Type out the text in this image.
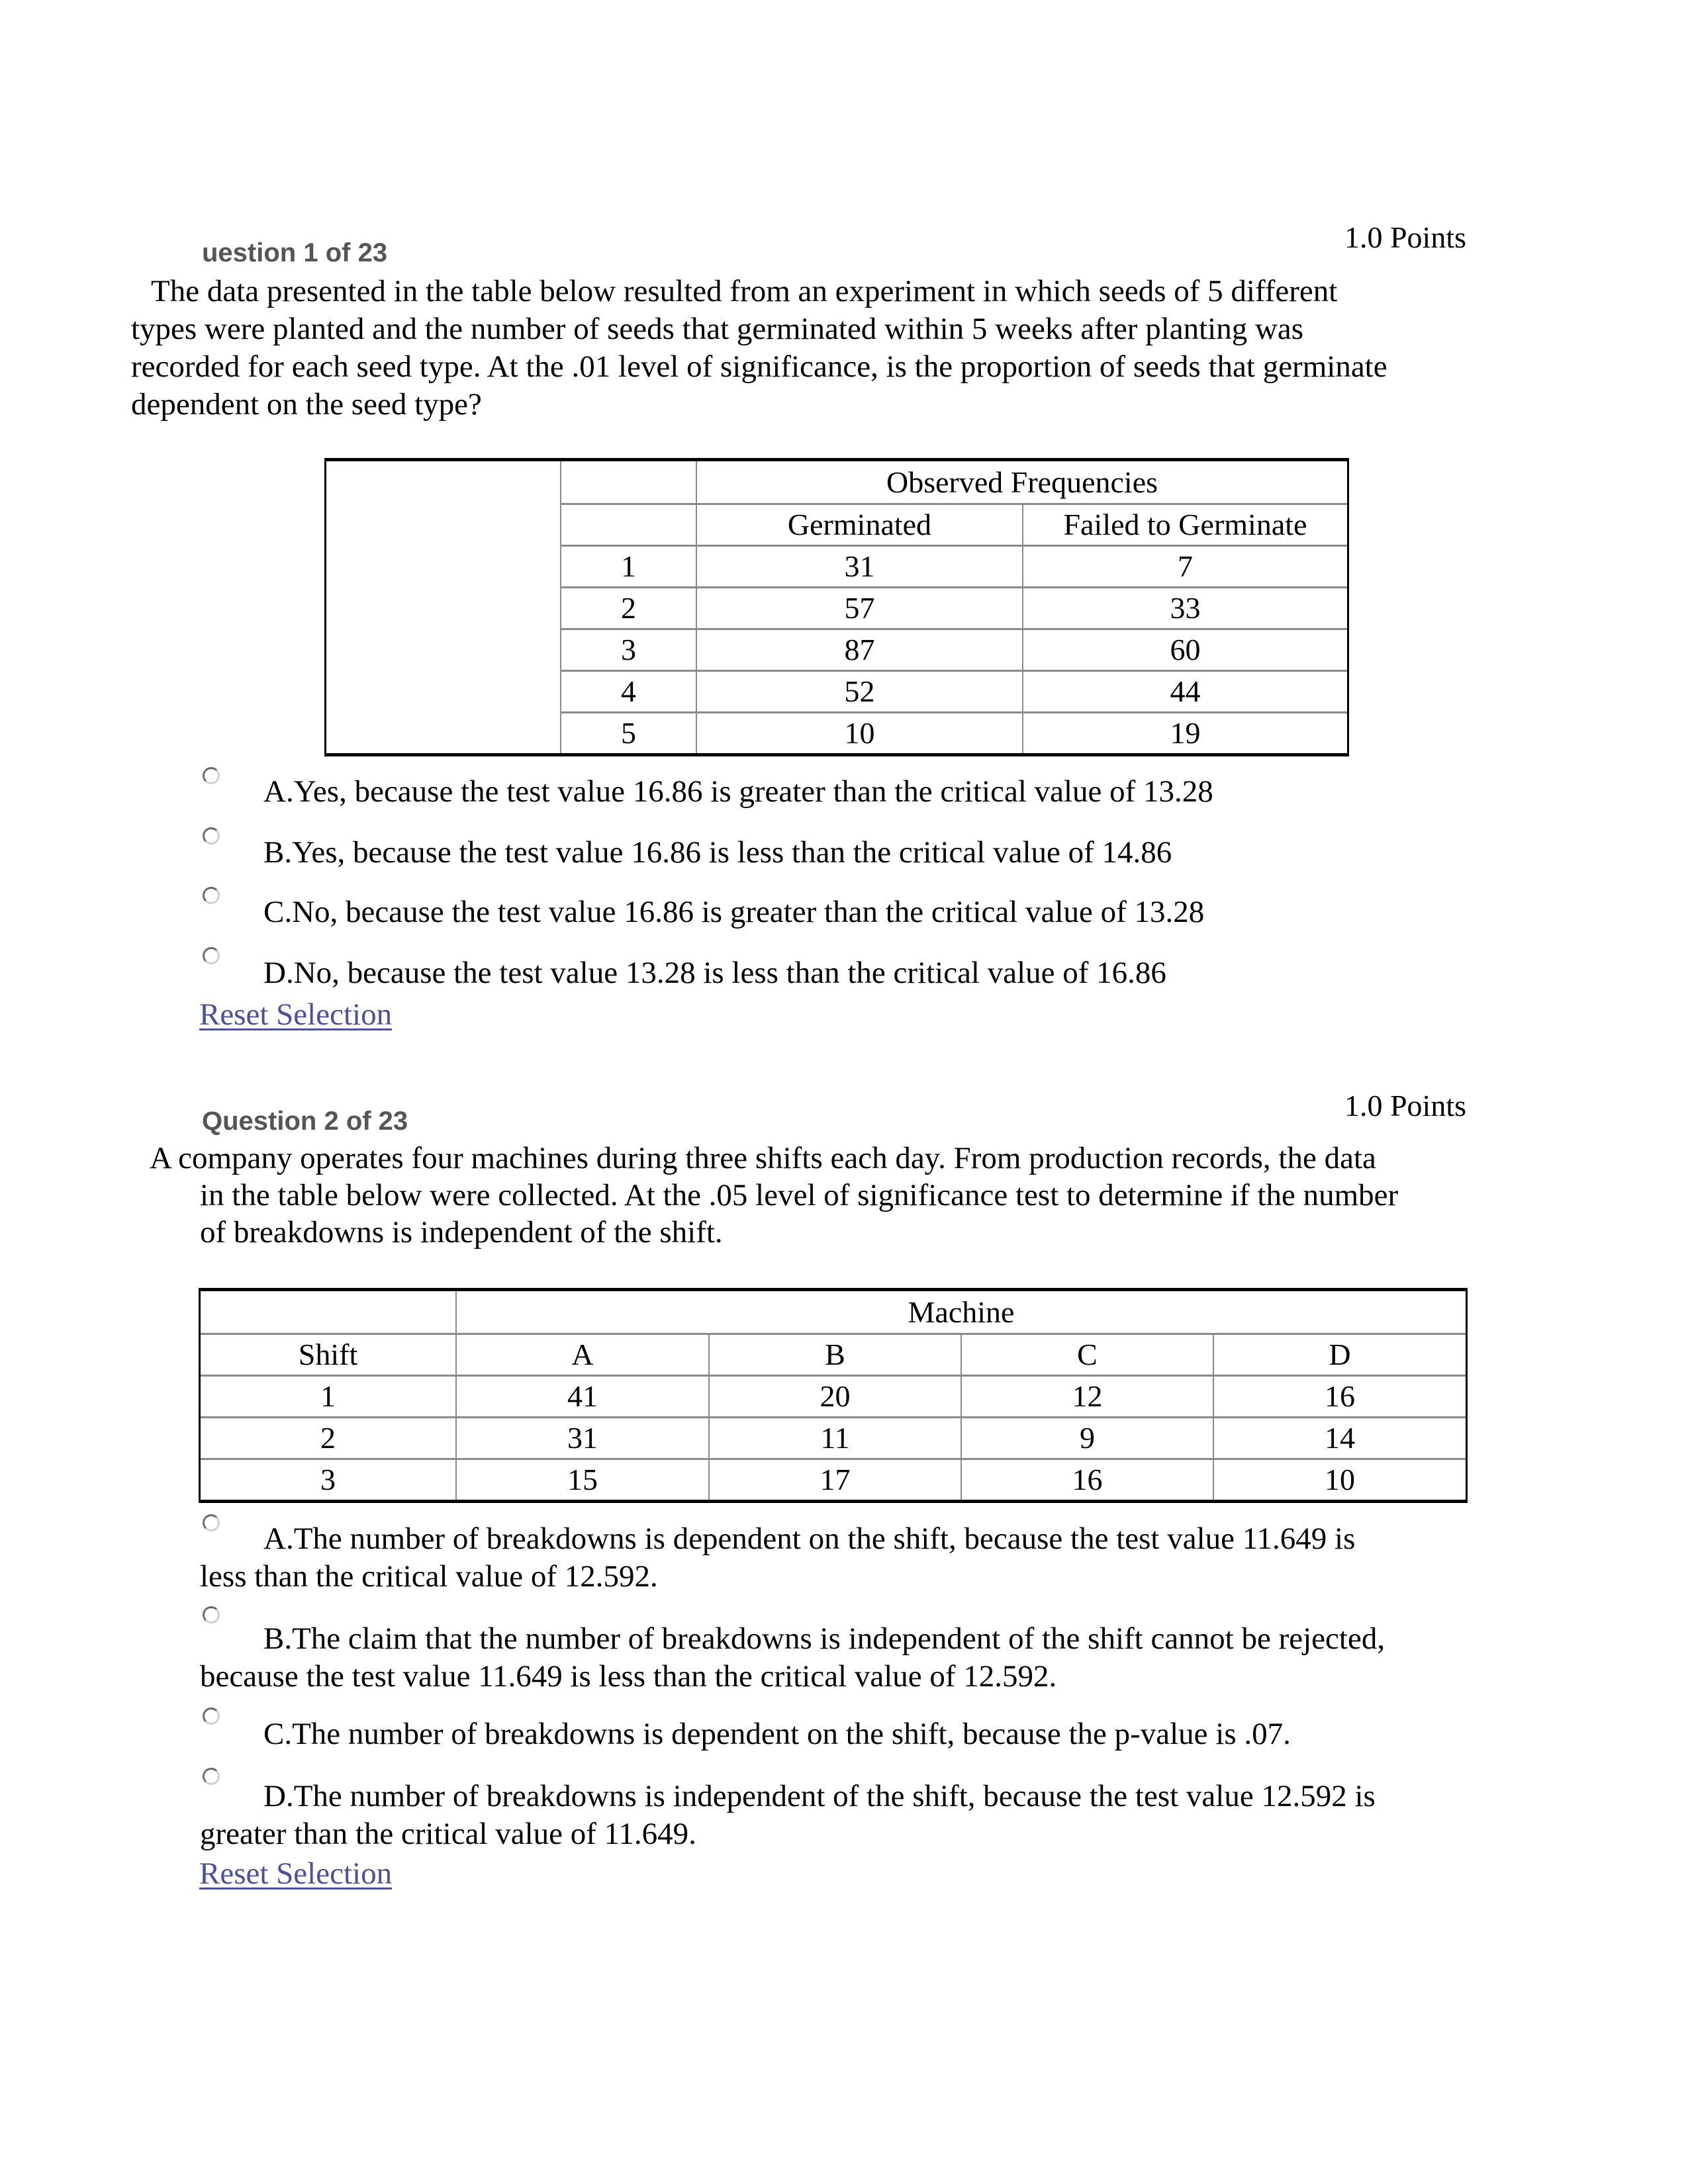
1.0 Points
uestion 1 of 23
The data presented in the table below resulted from an experiment in which seeds of 5 different
types were planted and the number of seeds that germinated within 5 weeks after planting was
recorded for each seed type. At the .01 level of significance, is the proportion of seeds that germinate
dependent on the seed type?
		Observed Frequencies	
		Germinated	Failed to Germinate
	1	31	7
	2	57	33
	3	87	60
	4	52	44
	5	10	19
A.Yes, because the test value 16.86 is greater than the critical value of 13.28
B.Yes, because the test value 16.86 is less than the critical value of 14.86
C.No, because the test value 16.86 is greater than the critical value of 13.28
D.No, because the test value 13.28 is less than the critical value of 16.86
Reset Selection
1.0 Points
Question 2 of 23
A company operates four machines during three shifts each day. From production records, the data
in the table below were collected. At the .05 level of significance test to determine if the number
of breakdowns is independent of the shift.
	Machine			
Shift	A	B	C	D
1	41	20	12	16
2	31	11	9	14
3	15	17	16	10
A.The number of breakdowns is dependent on the shift, because the test value 11.649 is
less than the critical value of 12.592.
B.The claim that the number of breakdowns is independent of the shift cannot be rejected,
because the test value 11.649 is less than the critical value of 12.592.
C.The number of breakdowns is dependent on the shift, because the p-value is .07.
D.The number of breakdowns is independent of the shift, because the test value 12.592 is
greater than the critical value of 11.649.
Reset Selection
